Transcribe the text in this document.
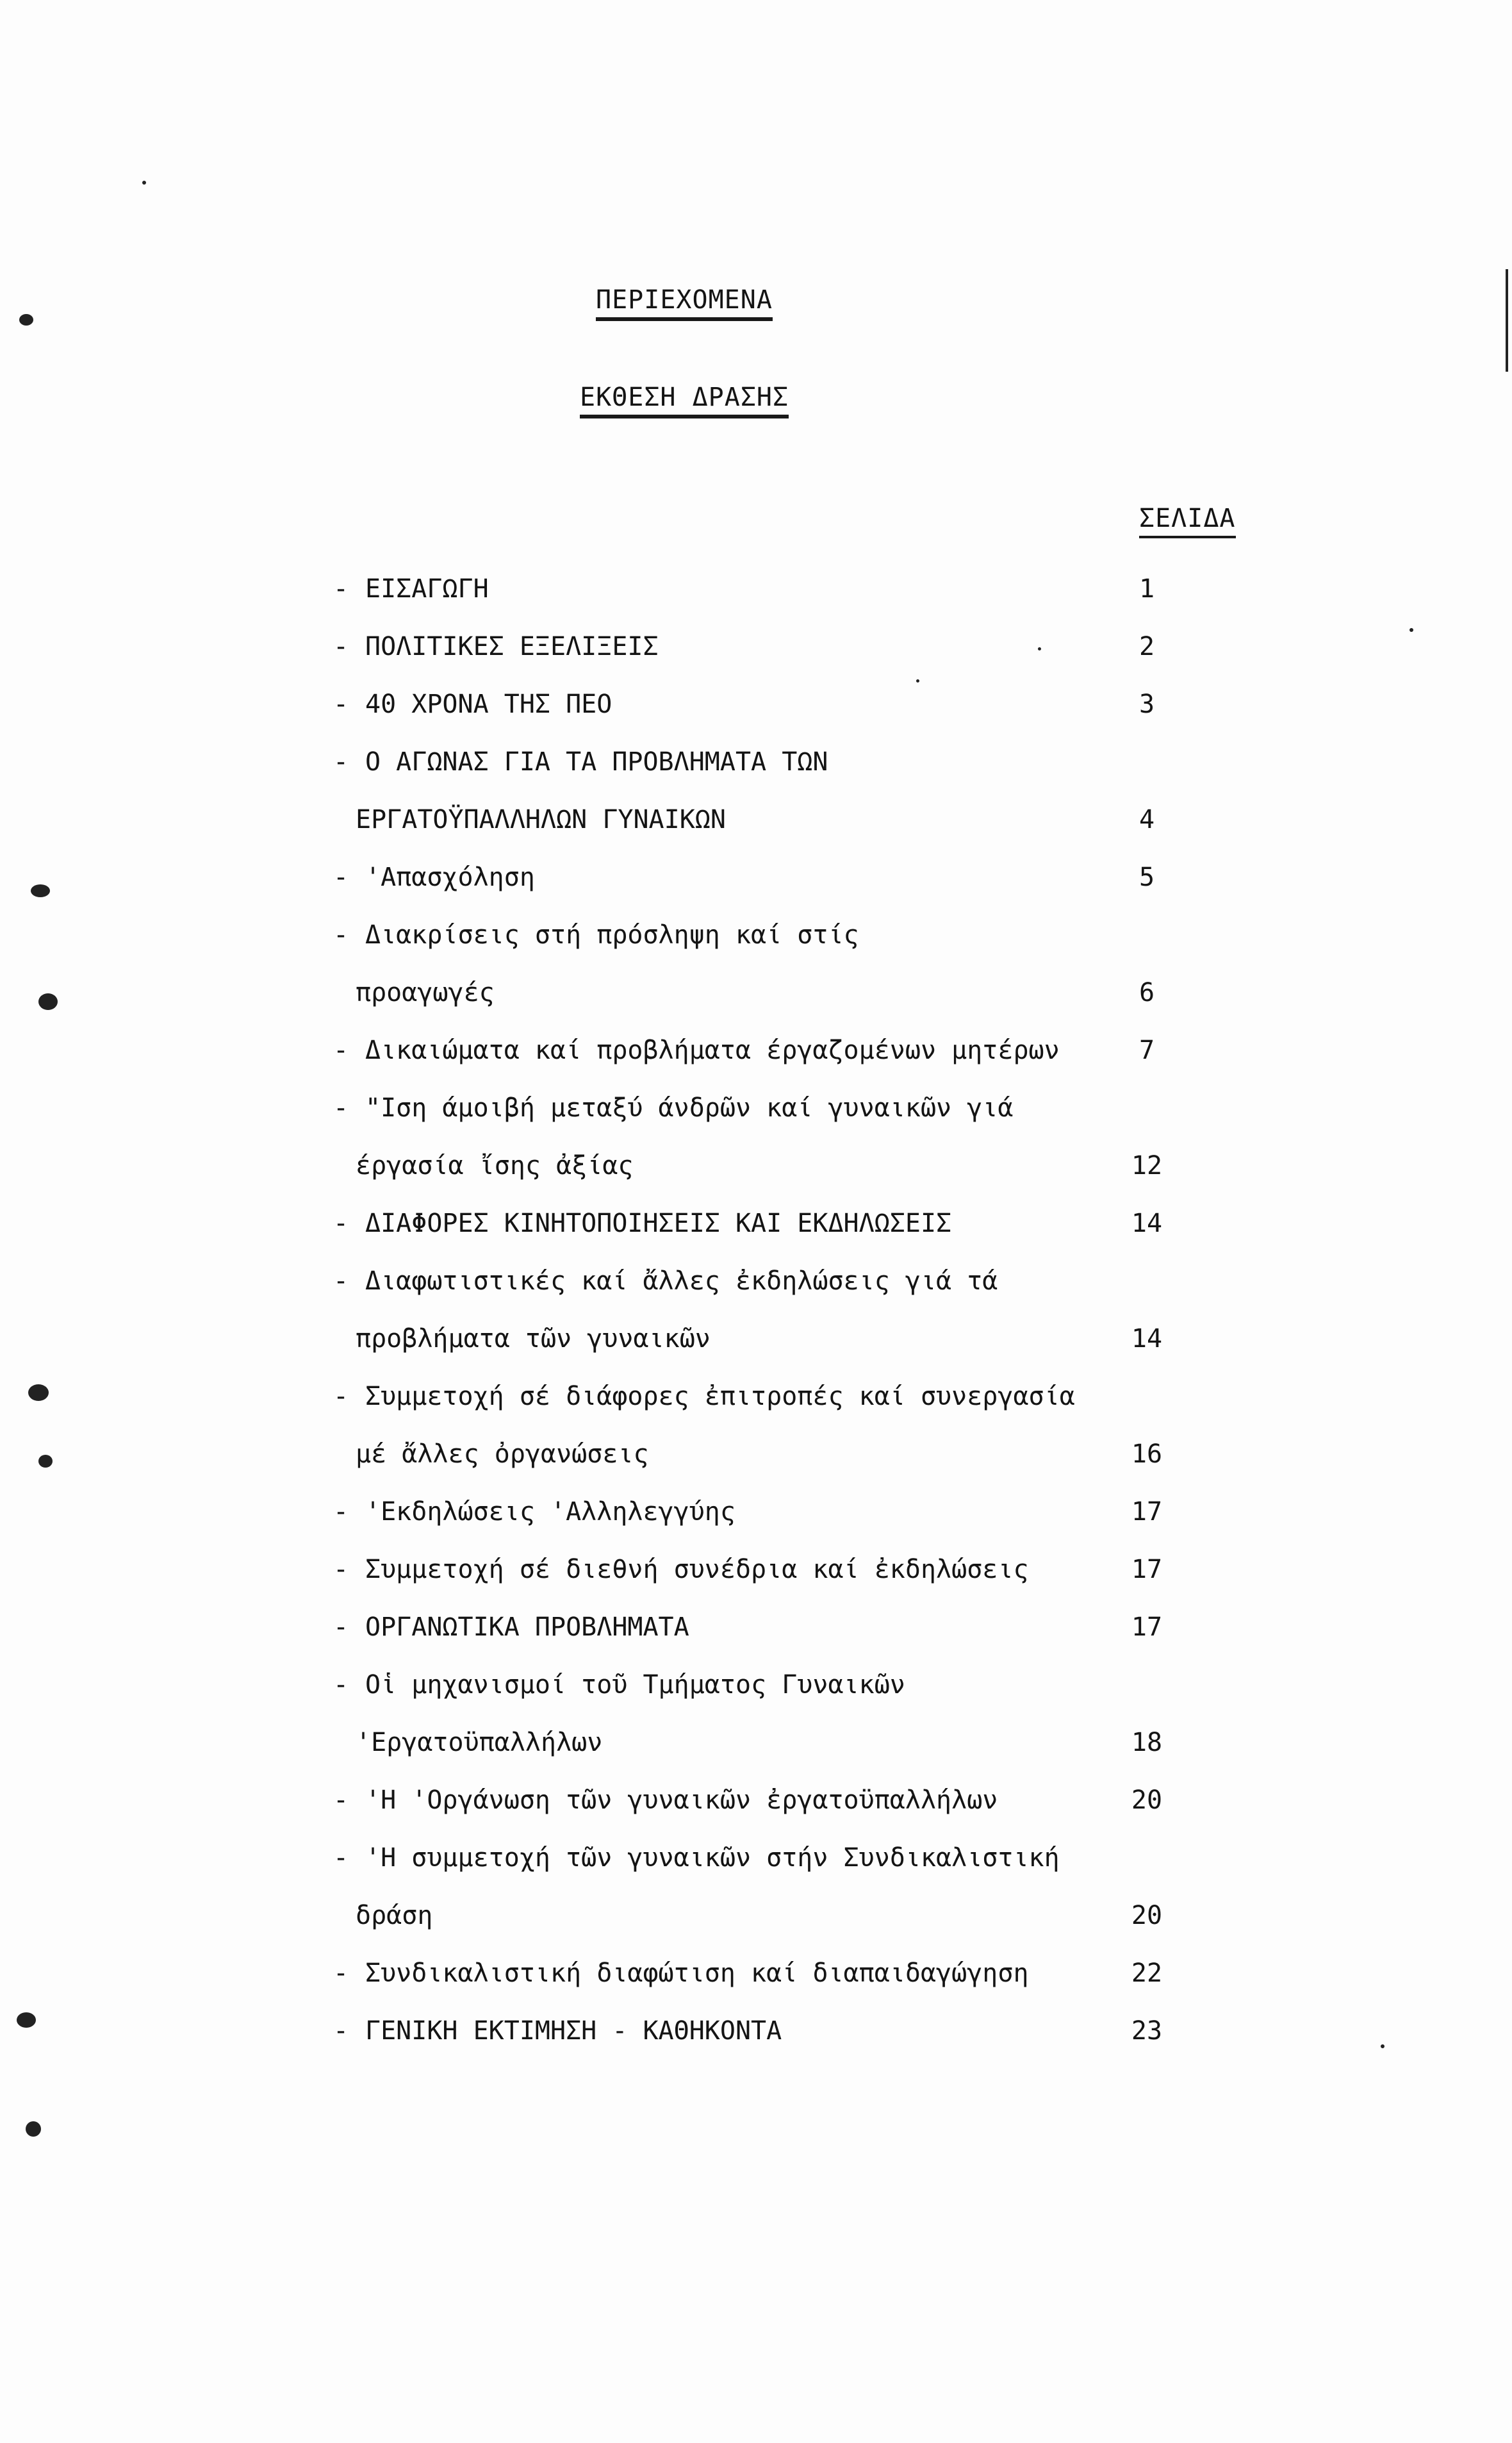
ΠΕΡΙΕΧΟΜΕΝΑ
ΕΚΘΕΣΗ ΔΡΑΣΗΣ
ΣΕΛΙΔΑ
- ΕΙΣΑΓΩΓΗ	1
- ΠΟΛΙΤΙΚΕΣ ΕΞΕΛΙΞΕΙΣ	2
- 40 ΧΡΟΝΑ ΤΗΣ ΠΕΟ	3
- Ο ΑΓΩΝΑΣ ΓΙΑ ΤΑ ΠΡΟΒΛΗΜΑΤΑ ΤΩΝ
ΕΡΓΑΤΟΫΠΑΛΛΗΛΩΝ ΓΥΝΑΙΚΩΝ	4
- 'Απασχόληση	5
- Διακρίσεις στή πρόσληψη καί στίς
προαγωγές	6
- Δικαιώματα καί προβλήματα έργαζομένων μητέρων	7
- "Ιση άμοιβή μεταξύ άνδρῶν καί γυναικῶν γιά
έργασία ἴσης ἀξίας	12
- ΔΙΑΦΟΡΕΣ ΚΙΝΗΤΟΠΟΙΗΣΕΙΣ ΚΑΙ ΕΚΔΗΛΩΣΕΙΣ	14
- Διαφωτιστικές καί ἄλλες ἐκδηλώσεις γιά τά
προβλήματα τῶν γυναικῶν	14
- Συμμετοχή σέ διάφορες ἐπιτροπές καί συνεργασία
μέ ἄλλες ὀργανώσεις	16
- 'Εκδηλώσεις 'Αλληλεγγύης	17
- Συμμετοχή σέ διεθνή συνέδρια καί ἐκδηλώσεις	17
- ΟΡΓΑΝΩΤΙΚΑ ΠΡΟΒΛΗΜΑΤΑ	17
- Οἱ μηχανισμοί τοῦ Τμήματος Γυναικῶν
'Εργατοϋπαλλήλων	18
- 'Η 'Οργάνωση τῶν γυναικῶν ἐργατοϋπαλλήλων	20
- 'Η συμμετοχή τῶν γυναικῶν στήν Συνδικαλιστική
δράση	20
- Συνδικαλιστική διαφώτιση καί διαπαιδαγώγηση	22
- ΓΕΝΙΚΗ ΕΚΤΙΜΗΣΗ - ΚΑΘΗΚΟΝΤΑ	23
